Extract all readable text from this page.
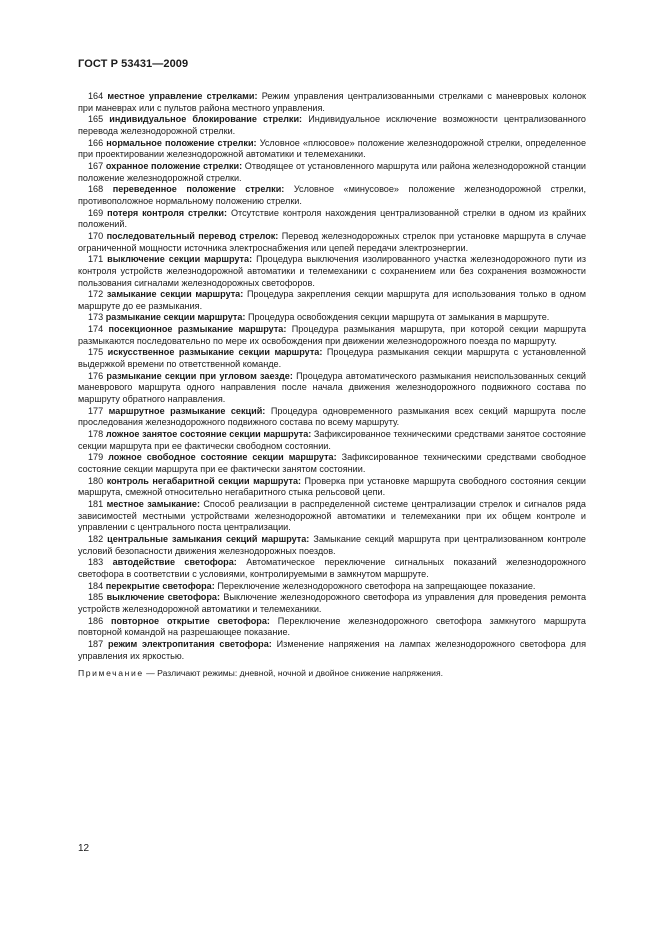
ГОСТ Р 53431—2009

164 местное управление стрелками: Режим управления централизованными стрелками с маневровых колонок при маневрах или с пультов района местного управления.

165 индивидуальное блокирование стрелки: Индивидуальное исключение возможности централизованного перевода железнодорожной стрелки.

166 нормальное положение стрелки: Условное «плюсовое» положение железнодорожной стрелки, определенное при проектировании железнодорожной автоматики и телемеханики.

167 охранное положение стрелки: Отводящее от установленного маршрута или района железнодорожной станции положение железнодорожной стрелки.

168 переведенное положение стрелки: Условное «минусовое» положение железнодорожной стрелки, противоположное нормальному положению стрелки.

169 потеря контроля стрелки: Отсутствие контроля нахождения централизованной стрелки в одном из крайних положений.

170 последовательный перевод стрелок: Перевод железнодорожных стрелок при установке маршрута в случае ограниченной мощности источника электроснабжения или цепей передачи электроэнергии.

171 выключение секции маршрута: Процедура выключения изолированного участка железнодорожного пути из контроля устройств железнодорожной автоматики и телемеханики с сохранением или без сохранения возможности пользования сигналами железнодорожных светофоров.

172 замыкание секции маршрута: Процедура закрепления секции маршрута для использования только в одном маршруте до ее размыкания.

173 размыкание секции маршрута: Процедура освобождения секции маршрута от замыкания в маршруте.

174 посекционное размыкание маршрута: Процедура размыкания маршрута, при которой секции маршрута размыкаются последовательно по мере их освобождения при движении железнодорожного поезда по маршруту.

175 искусственное размыкание секции маршрута: Процедура размыкания секции маршрута с установленной выдержкой времени по ответственной команде.

176 размыкание секции при угловом заезде: Процедура автоматического размыкания неиспользованных секций маневрового маршрута одного направления после начала движения железнодорожного подвижного состава по маршруту обратного направления.

177 маршрутное размыкание секций: Процедура одновременного размыкания всех секций маршрута после проследования железнодорожного подвижного состава по всему маршруту.

178 ложное занятое состояние секции маршрута: Зафиксированное техническими средствами занятое состояние секции маршрута при ее фактически свободном состоянии.

179 ложное свободное состояние секции маршрута: Зафиксированное техническими средствами свободное состояние секции маршрута при ее фактически занятом состоянии.

180 контроль негабаритной секции маршрута: Проверка при установке маршрута свободного состояния секции маршрута, смежной относительно негабаритного стыка рельсовой цепи.

181 местное замыкание: Способ реализации в распределенной системе централизации стрелок и сигналов ряда зависимостей местными устройствами железнодорожной автоматики и телемеханики при их общем контроле и управлении с центрального поста централизации.

182 центральные замыкания секций маршрута: Замыкание секций маршрута при централизованном контроле условий безопасности движения железнодорожных поездов.

183 автодействие светофора: Автоматическое переключение сигнальных показаний железнодорожного светофора в соответствии с условиями, контролируемыми в замкнутом маршруте.

184 перекрытие светофора: Переключение железнодорожного светофора на запрещающее показание.

185 выключение светофора: Выключение железнодорожного светофора из управления для проведения ремонта устройств железнодорожной автоматики и телемеханики.

186 повторное открытие светофора: Переключение железнодорожного светофора замкнутого маршрута повторной командой на разрешающее показание.

187 режим электропитания светофора: Изменение напряжения на лампах железнодорожного светофора для управления их яркостью.

Примечание — Различают режимы: дневной, ночной и двойное снижение напряжения.

12
